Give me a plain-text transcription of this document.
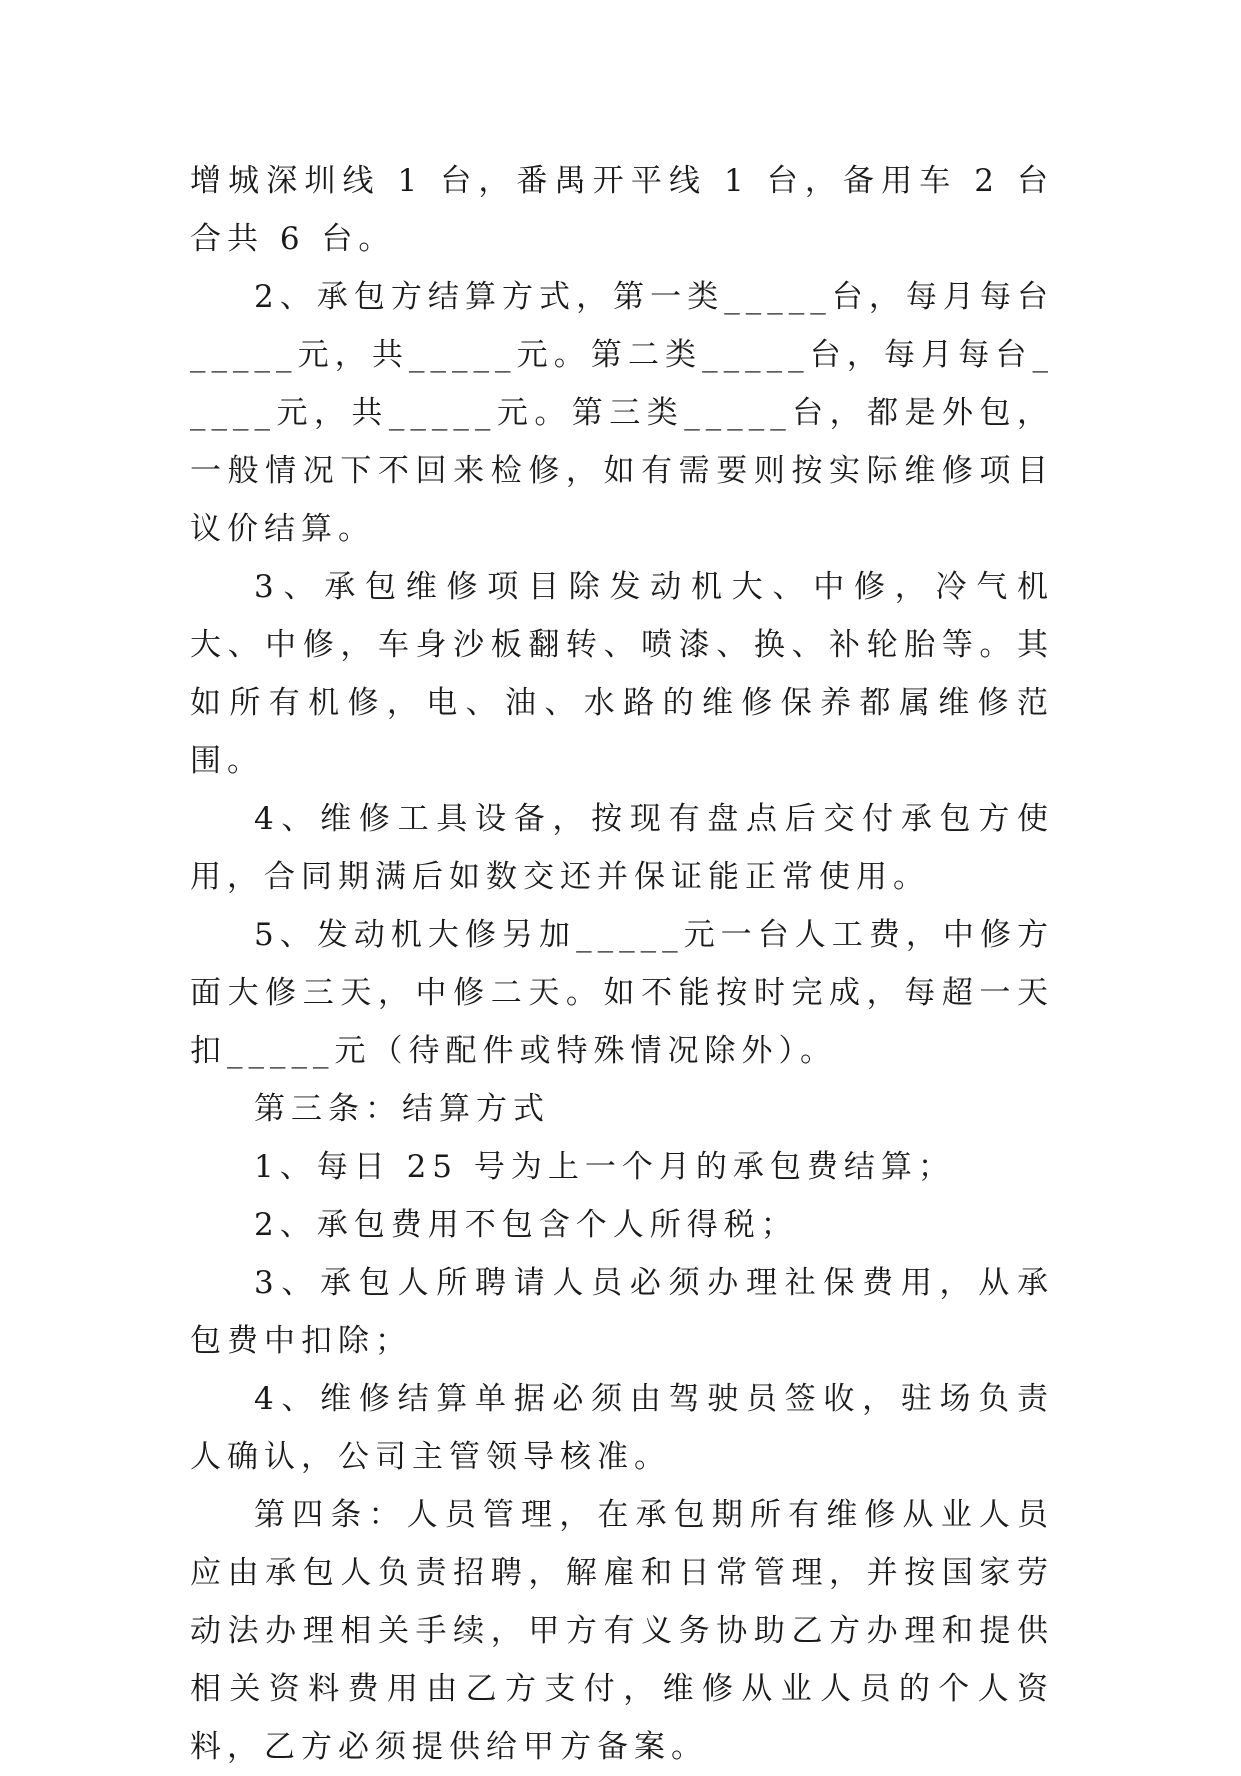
增城深圳线 1 台，番禺开平线 1 台，备用车 2 台合共 6 台。

2、承包方结算方式，第一类_____台，每月每台_____元，共_____元。第二类_____台，每月每台_____元，共_____元。第三类_____台，都是外包，一般情况下不回来检修，如有需要则按实际维修项目议价结算。

3、承包维修项目除发动机大、中修，冷气机大、中修，车身沙板翻转、喷漆、换、补轮胎等。其如所有机修，电、油、水路的维修保养都属维修范围。

4、维修工具设备，按现有盘点后交付承包方使用，合同期满后如数交还并保证能正常使用。

5、发动机大修另加_____元一台人工费，中修方面大修三天，中修二天。如不能按时完成，每超一天扣_____元（待配件或特殊情况除外）。

第三条：结算方式

1、每日 25 号为上一个月的承包费结算；

2、承包费用不包含个人所得税；

3、承包人所聘请人员必须办理社保费用，从承包费中扣除；

4、维修结算单据必须由驾驶员签收，驻场负责人确认，公司主管领导核准。

第四条：人员管理，在承包期所有维修从业人员应由承包人负责招聘，解雇和日常管理，并按国家劳动法办理相关手续，甲方有义务协助乙方办理和提供相关资料费用由乙方支付，维修从业人员的个人资料，乙方必须提供给甲方备案。
